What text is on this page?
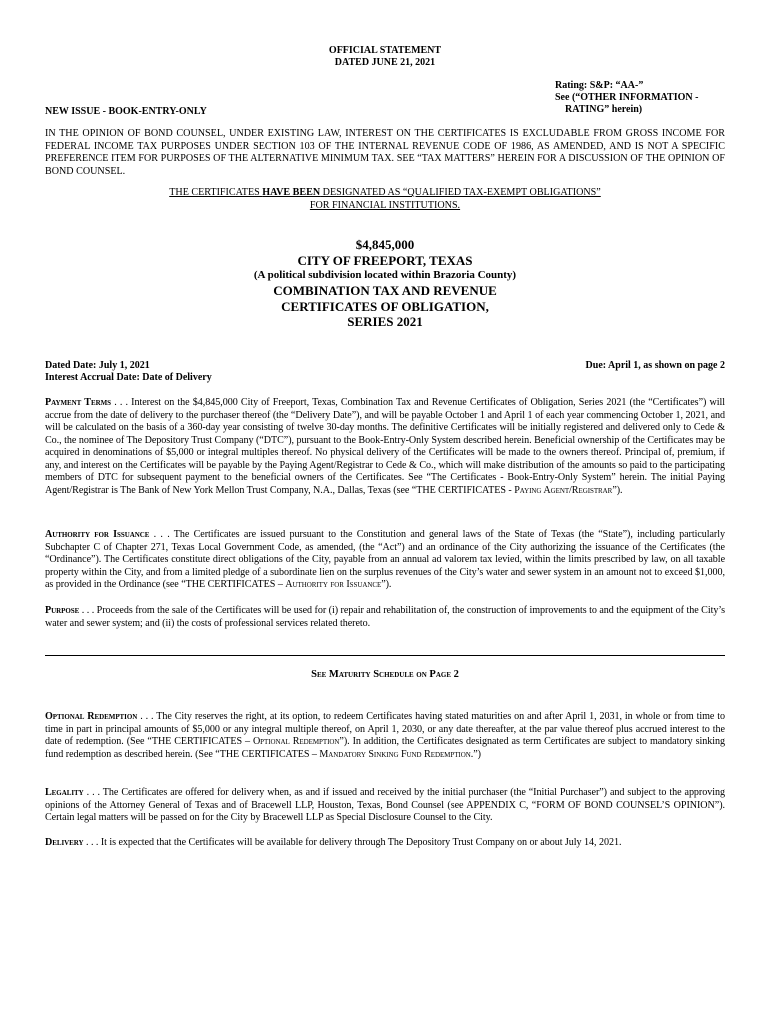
OFFICIAL STATEMENT
DATED JUNE 21, 2021
Rating: S&P: “AA-”
See (“OTHER INFORMATION -
RATING” herein)
NEW ISSUE - BOOK-ENTRY-ONLY
IN THE OPINION OF BOND COUNSEL, UNDER EXISTING LAW, INTEREST ON THE CERTIFICATES IS EXCLUDABLE FROM GROSS INCOME FOR FEDERAL INCOME TAX PURPOSES UNDER SECTION 103 OF THE INTERNAL REVENUE CODE OF 1986, AS AMENDED, AND IS NOT A SPECIFIC PREFERENCE ITEM FOR PURPOSES OF THE ALTERNATIVE MINIMUM TAX. SEE “TAX MATTERS” HEREIN FOR A DISCUSSION OF THE OPINION OF BOND COUNSEL.
THE CERTIFICATES HAVE BEEN DESIGNATED AS “QUALIFIED TAX-EXEMPT OBLIGATIONS”
FOR FINANCIAL INSTITUTIONS.
$4,845,000
CITY OF FREEPORT, TEXAS
(A political subdivision located within Brazoria County)
COMBINATION TAX AND REVENUE
CERTIFICATES OF OBLIGATION,
SERIES 2021
Dated Date: July 1, 2021
Interest Accrual Date: Date of Delivery
Due: April 1, as shown on page 2
Payment Terms . . . Interest on the $4,845,000 City of Freeport, Texas, Combination Tax and Revenue Certificates of Obligation, Series 2021 (the “Certificates”) will accrue from the date of delivery to the purchaser thereof (the “Delivery Date”), and will be payable October 1 and April 1 of each year commencing October 1, 2021, and will be calculated on the basis of a 360-day year consisting of twelve 30-day months. The definitive Certificates will be initially registered and delivered only to Cede & Co., the nominee of The Depository Trust Company (“DTC”), pursuant to the Book-Entry-Only System described herein. Beneficial ownership of the Certificates may be acquired in denominations of $5,000 or integral multiples thereof. No physical delivery of the Certificates will be made to the owners thereof. Principal of, premium, if any, and interest on the Certificates will be payable by the Paying Agent/Registrar to Cede & Co., which will make distribution of the amounts so paid to the participating members of DTC for subsequent payment to the beneficial owners of the Certificates. See “The Certificates - Book-Entry-Only System” herein. The initial Paying Agent/Registrar is The Bank of New York Mellon Trust Company, N.A., Dallas, Texas (see “THE CERTIFICATES - Paying Agent/Registrar”).
Authority for Issuance . . . The Certificates are issued pursuant to the Constitution and general laws of the State of Texas (the “State”), including particularly Subchapter C of Chapter 271, Texas Local Government Code, as amended, (the “Act”) and an ordinance of the City authorizing the issuance of the Certificates (the “Ordinance”). The Certificates constitute direct obligations of the City, payable from an annual ad valorem tax levied, within the limits prescribed by law, on all taxable property within the City, and from a limited pledge of a subordinate lien on the surplus revenues of the City’s water and sewer system in an amount not to exceed $1,000, as provided in the Ordinance (see “THE CERTIFICATES – Authority for Issuance”).
Purpose . . . Proceeds from the sale of the Certificates will be used for (i) repair and rehabilitation of, the construction of improvements to and the equipment of the City’s water and sewer system; and (ii) the costs of professional services related thereto.
See Maturity Schedule on Page 2
Optional Redemption . . . The City reserves the right, at its option, to redeem Certificates having stated maturities on and after April 1, 2031, in whole or from time to time in part in principal amounts of $5,000 or any integral multiple thereof, on April 1, 2030, or any date thereafter, at the par value thereof plus accrued interest to the date of redemption. (See “THE CERTIFICATES – Optional Redemption”). In addition, the Certificates designated as term Certificates are subject to mandatory sinking fund redemption as described herein. (See “THE CERTIFICATES – Mandatory Sinking Fund Redemption.”)
Legality . . . The Certificates are offered for delivery when, as and if issued and received by the initial purchaser (the “Initial Purchaser”) and subject to the approving opinions of the Attorney General of Texas and of Bracewell LLP, Houston, Texas, Bond Counsel (see APPENDIX C, “FORM OF BOND COUNSEL’S OPINION”). Certain legal matters will be passed on for the City by Bracewell LLP as Special Disclosure Counsel to the City.
Delivery . . . It is expected that the Certificates will be available for delivery through The Depository Trust Company on or about July 14, 2021.
